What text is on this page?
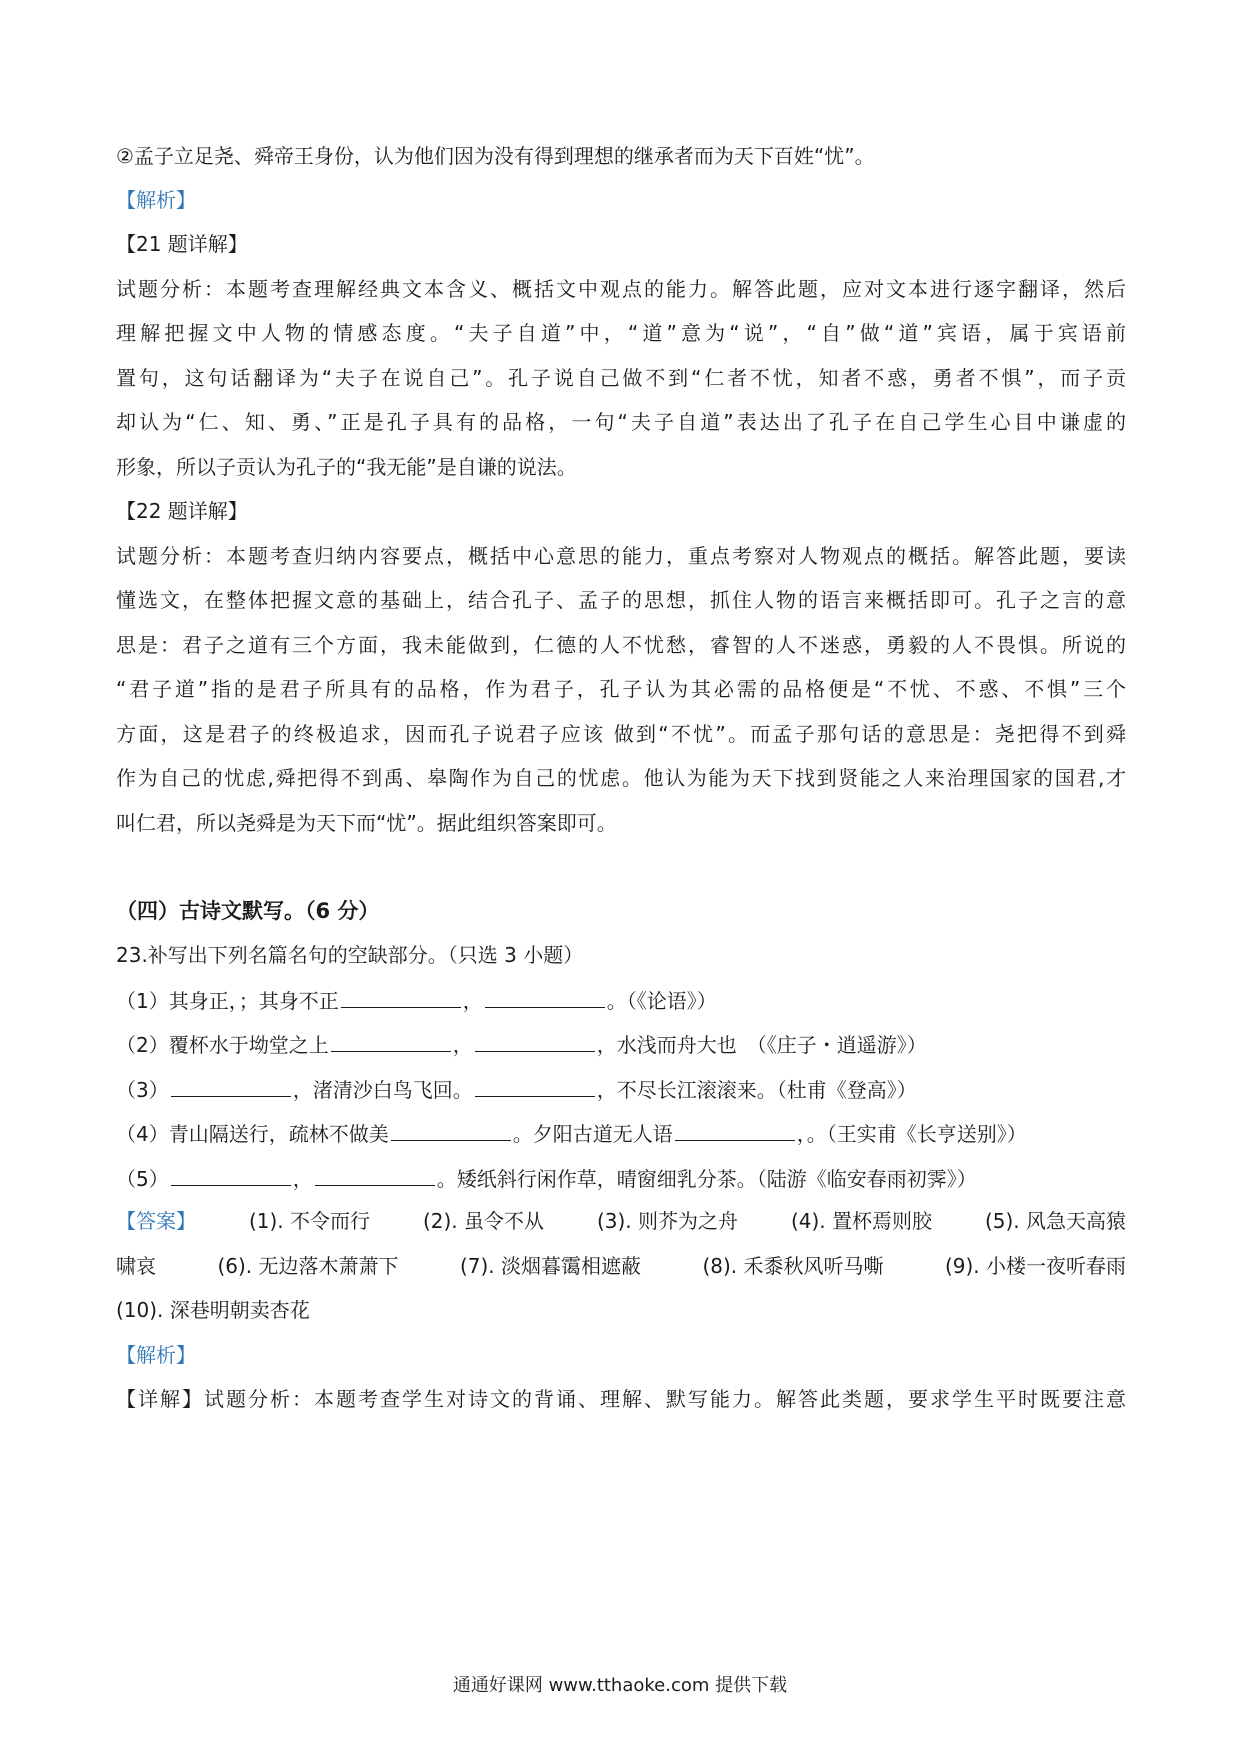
②孟子立足尧、舜帝王身份，认为他们因为没有得到理想的继承者而为天下百姓“忧”。
【解析】
【21 题详解】
试题分析：本题考查理解经典文本含义、概括文中观点的能力。解答此题，应对文本进行逐字翻译，然后
理解把握文中人物的情感态度。“夫子自道”中，“道”意为“说”，“自”做“道”宾语，属于宾语前
置句，这句话翻译为“夫子在说自己”。孔子说自己做不到“仁者不忧，知者不惑，勇者不惧”，而子贡
却认为“仁、知、勇、”正是孔子具有的品格，一句“夫子自道”表达出了孔子在自己学生心目中谦虚的
形象，所以子贡认为孔子的“我无能”是自谦的说法。
【22 题详解】
试题分析：本题考查归纳内容要点，概括中心意思的能力，重点考察对人物观点的概括。解答此题，要读
懂选文，在整体把握文意的基础上，结合孔子、孟子的思想，抓住人物的语言来概括即可。孔子之言的意
思是：君子之道有三个方面，我未能做到，仁德的人不忧愁，睿智的人不迷惑，勇毅的人不畏惧。所说的
“君子道”指的是君子所具有的品格，作为君子，孔子认为其必需的品格便是“不忧、不惑、不惧”三个
方面，这是君子的终极追求，因而孔子说君子应该 做到“不忧”。而孟子那句话的意思是：尧把得不到舜
作为自己的忧虑,舜把得不到禹、皋陶作为自己的忧虑。他认为能为天下找到贤能之人来治理国家的国君,才
叫仁君，所以尧舜是为天下而“忧”。据此组织答案即可。
（四）古诗文默写。（6 分）
23.补写出下列名篇名句的空缺部分。（只选 3 小题）
（1）其身正，；其身不正	，	。（《论语》）
（2）覆杯水于坳堂之上	，	，水浅而舟大也　（《庄子・逍遥游》）
（3）	，渚清沙白鸟飞回。	，不尽长江滚滚来。（杜甫《登高》）
（4）青山隔送行，疏林不做美	。夕阳古道无人语	，。（王实甫《长亨送别》）
（5）	，	。矮纸斜行闲作草，晴窗细乳分茶。（陆游《临安春雨初霁》）
【答案】	(1). 不令而行	(2). 虽令不从	(3). 则芥为之舟	(4). 置杯焉则胶	(5). 风急天高猿
啸哀	(6). 无边落木萧萧下	(7). 淡烟暮霭相遮蔽	(8). 禾黍秋风听马嘶	(9). 小楼一夜听春雨
(10). 深巷明朝卖杏花
【解析】
【详解】试题分析：本题考查学生对诗文的背诵、理解、默写能力。解答此类题，要求学生平时既要注意
通通好课网 www.tthaoke.com 提供下载
